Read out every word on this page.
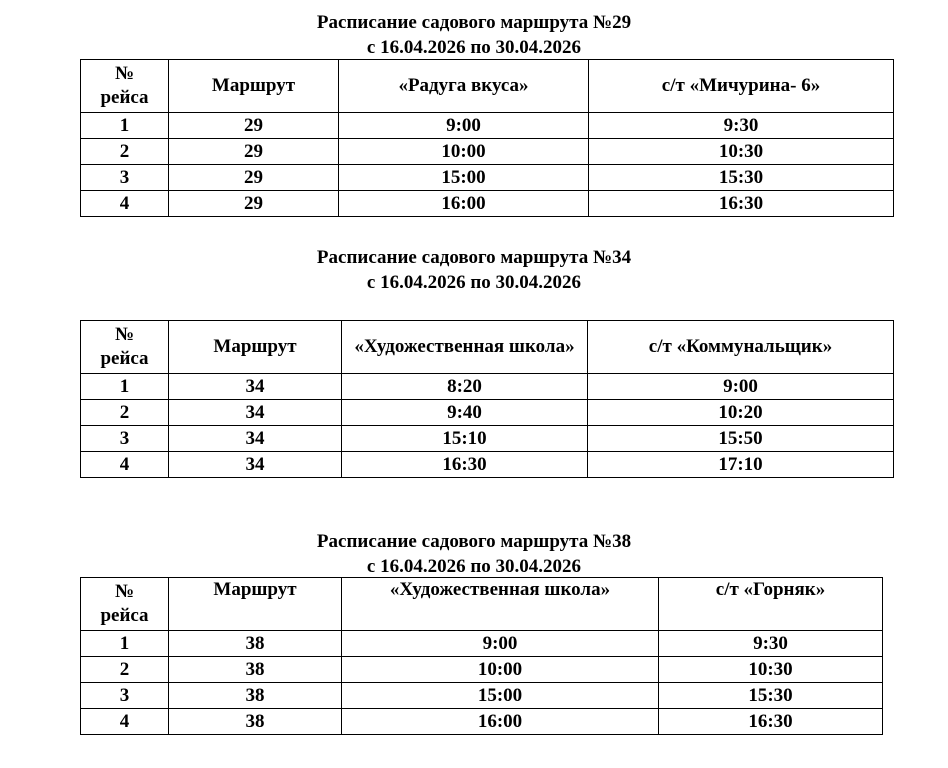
Расписание садового маршрута №29
с 16.04.2026 по 30.04.2026
№
рейса	Маршрут	«Радуга вкуса»	с/т «Мичурина- 6»
1	29	9:00	9:30
2	29	10:00	10:30
3	29	15:00	15:30
4	29	16:00	16:30
Расписание садового маршрута №34
с 16.04.2026 по 30.04.2026
№
рейса	Маршрут	«Художественная школа»	с/т «Коммунальщик»
1	34	8:20	9:00
2	34	9:40	10:20
3	34	15:10	15:50
4	34	16:30	17:10
Расписание садового маршрута №38
с 16.04.2026 по 30.04.2026
№
рейса	Маршрут	«Художественная школа»	с/т «Горняк»
1	38	9:00	9:30
2	38	10:00	10:30
3	38	15:00	15:30
4	38	16:00	16:30
